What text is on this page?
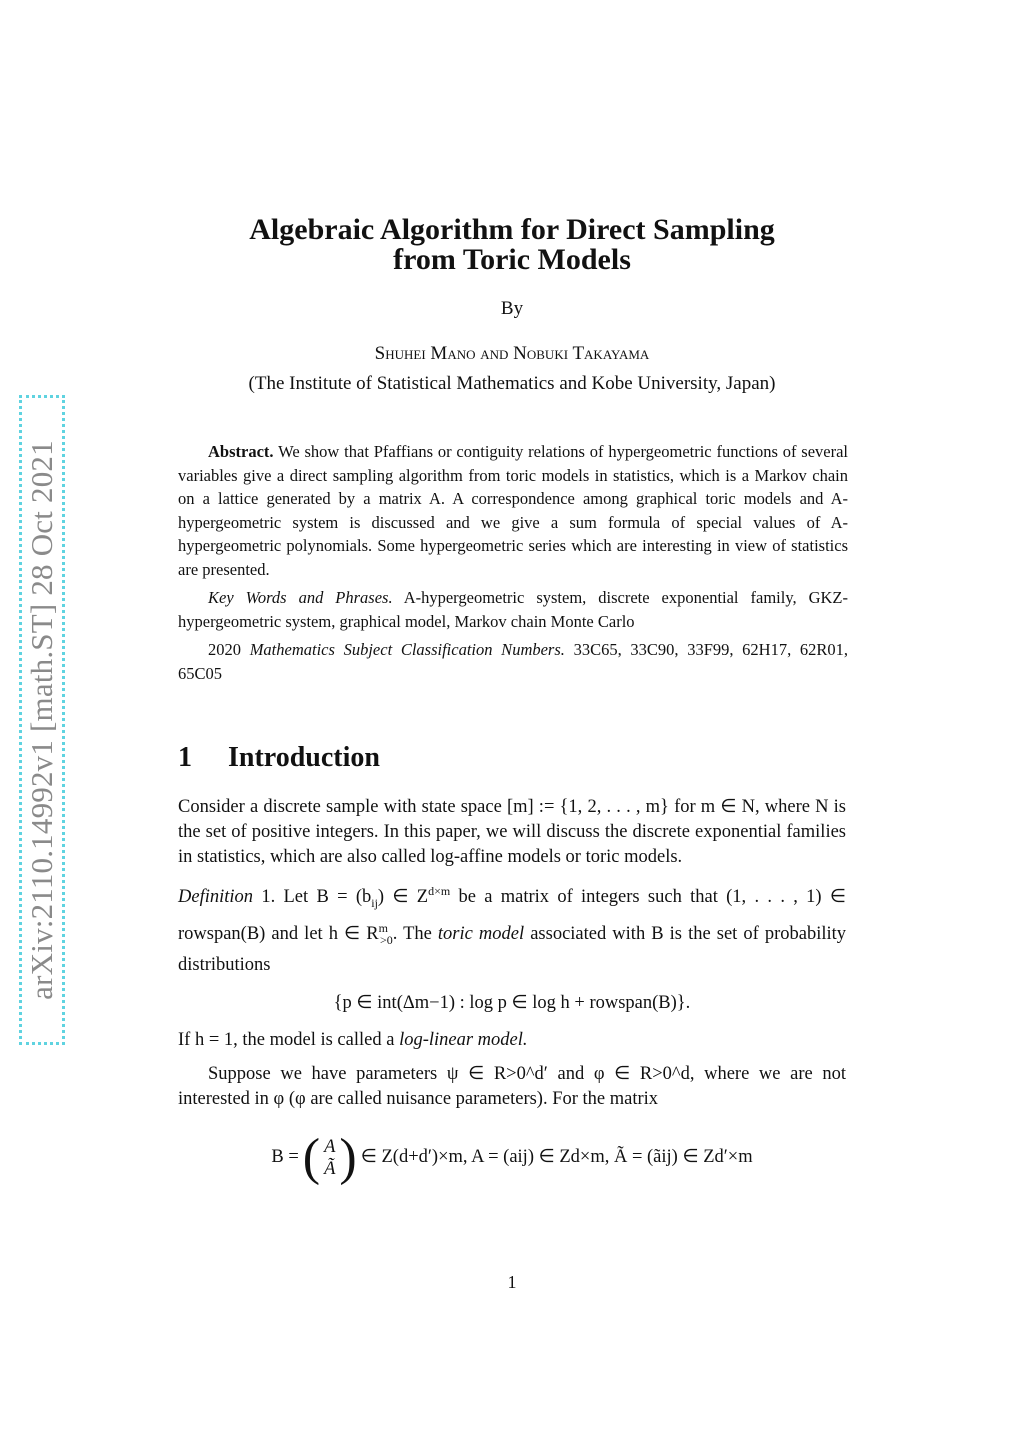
arXiv:2110.14992v1 [math.ST] 28 Oct 2021
Algebraic Algorithm for Direct Sampling
from Toric Models
By
Shuhei Mano and Nobuki Takayama
(The Institute of Statistical Mathematics and Kobe University, Japan)

Abstract. We show that Pfaffians or contiguity relations of hypergeometric functions of several variables give a direct sampling algorithm from toric models in statistics, which is a Markov chain on a lattice generated by a matrix A. A correspondence among graphical toric models and A-hypergeometric system is discussed and we give a sum formula of special values of A-hypergeometric polynomials. Some hypergeometric series which are interesting in view of statistics are presented.

Key Words and Phrases. A-hypergeometric system, discrete exponential family, GKZ-hypergeometric system, graphical model, Markov chain Monte Carlo

2020 Mathematics Subject Classification Numbers. 33C65, 33C90, 33F99, 62H17, 62R01, 65C05

1 Introduction

Consider a discrete sample with state space [m] := {1, 2, . . . , m} for m ∈ N, where N is the set of positive integers. In this paper, we will discuss the discrete exponential families in statistics, which are also called log-affine models or toric models.

Definition 1. Let $B = (b_{ij})$ ∈ $Z^{d\times m}$ be a matrix of integers such that (1, . . . , 1) ∈ rowspan(B) and let h ∈ $R^m_{>0}$. The toric model associated with B is the set of probability distributions

{p ∈ int(Δm−1) : log p ∈ log h + rowspan(B)}.

If h = 1, the model is called a log-linear model.

Suppose we have parameters ψ ∈ R>0^d′ and φ ∈ R>0^d, where we are not interested in φ (φ are called nuisance parameters). For the matrix

B = ( A
Ã ) ∈ Z(d+d′)×m, A = (aij) ∈ Zd×m, Ã = (ãij) ∈ Zd′×m
1
